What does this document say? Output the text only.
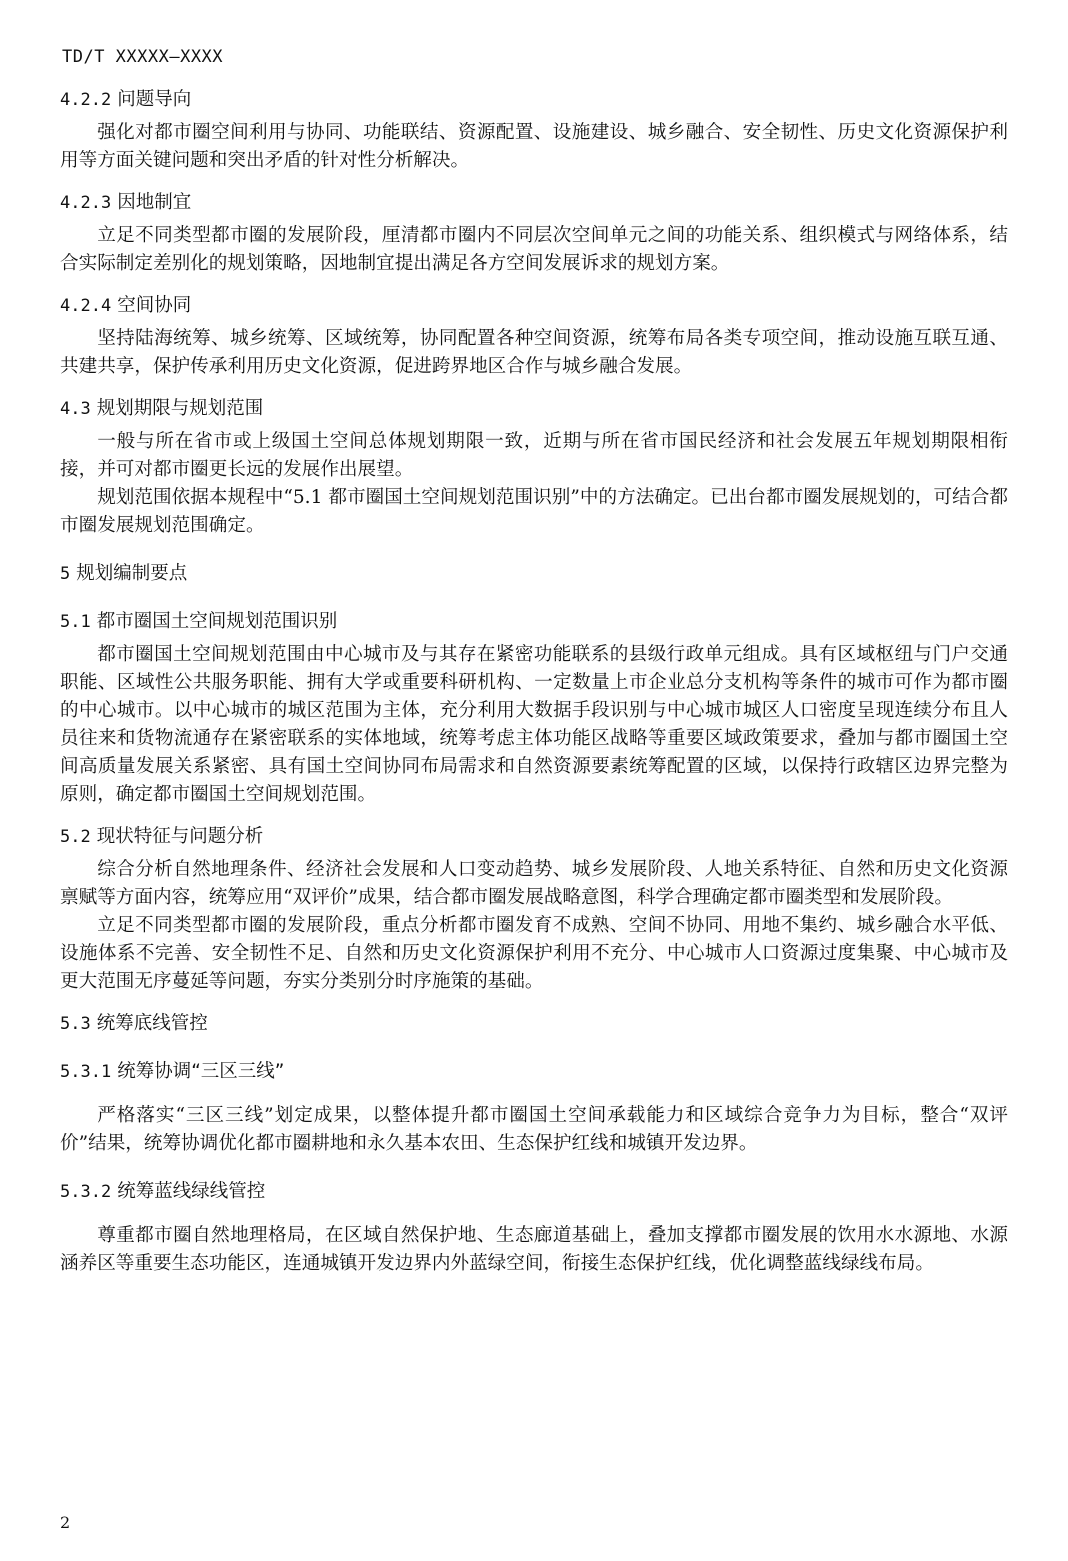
TD/T XXXXX—XXXX
4.2.2 问题导向

强化对都市圈空间利用与协同、功能联结、资源配置、设施建设、城乡融合、安全韧性、历史文化资源保护利用等方面关键问题和突出矛盾的针对性分析解决。

4.2.3 因地制宜

立足不同类型都市圈的发展阶段，厘清都市圈内不同层次空间单元之间的功能关系、组织模式与网络体系，结合实际制定差别化的规划策略，因地制宜提出满足各方空间发展诉求的规划方案。

4.2.4 空间协同

坚持陆海统筹、城乡统筹、区域统筹，协同配置各种空间资源，统筹布局各类专项空间，推动设施互联互通、共建共享，保护传承利用历史文化资源，促进跨界地区合作与城乡融合发展。

4.3 规划期限与规划范围

一般与所在省市或上级国土空间总体规划期限一致，近期与所在省市国民经济和社会发展五年规划期限相衔接，并可对都市圈更长远的发展作出展望。

规划范围依据本规程中“5.1 都市圈国土空间规划范围识别”中的方法确定。已出台都市圈发展规划的，可结合都市圈发展规划范围确定。

5 规划编制要点
5.1 都市圈国土空间规划范围识别

都市圈国土空间规划范围由中心城市及与其存在紧密功能联系的县级行政单元组成。具有区域枢纽与门户交通职能、区域性公共服务职能、拥有大学或重要科研机构、一定数量上市企业总分支机构等条件的城市可作为都市圈的中心城市。以中心城市的城区范围为主体，充分利用大数据手段识别与中心城市城区人口密度呈现连续分布且人员往来和货物流通存在紧密联系的实体地域，统筹考虑主体功能区战略等重要区域政策要求，叠加与都市圈国土空间高质量发展关系紧密、具有国土空间协同布局需求和自然资源要素统筹配置的区域，以保持行政辖区边界完整为原则，确定都市圈国土空间规划范围。

5.2 现状特征与问题分析

综合分析自然地理条件、经济社会发展和人口变动趋势、城乡发展阶段、人地关系特征、自然和历史文化资源禀赋等方面内容，统筹应用“双评价”成果，结合都市圈发展战略意图，科学合理确定都市圈类型和发展阶段。

立足不同类型都市圈的发展阶段，重点分析都市圈发育不成熟、空间不协同、用地不集约、城乡融合水平低、设施体系不完善、安全韧性不足、自然和历史文化资源保护利用不充分、中心城市人口资源过度集聚、中心城市及更大范围无序蔓延等问题，夯实分类别分时序施策的基础。

5.3 统筹底线管控
5.3.1 统筹协调“三区三线”

严格落实“三区三线”划定成果，以整体提升都市圈国土空间承载能力和区域综合竞争力为目标，整合“双评价”结果，统筹协调优化都市圈耕地和永久基本农田、生态保护红线和城镇开发边界。

5.3.2 统筹蓝线绿线管控

尊重都市圈自然地理格局，在区域自然保护地、生态廊道基础上，叠加支撑都市圈发展的饮用水水源地、水源涵养区等重要生态功能区，连通城镇开发边界内外蓝绿空间，衔接生态保护红线，优化调整蓝线绿线布局。

2
